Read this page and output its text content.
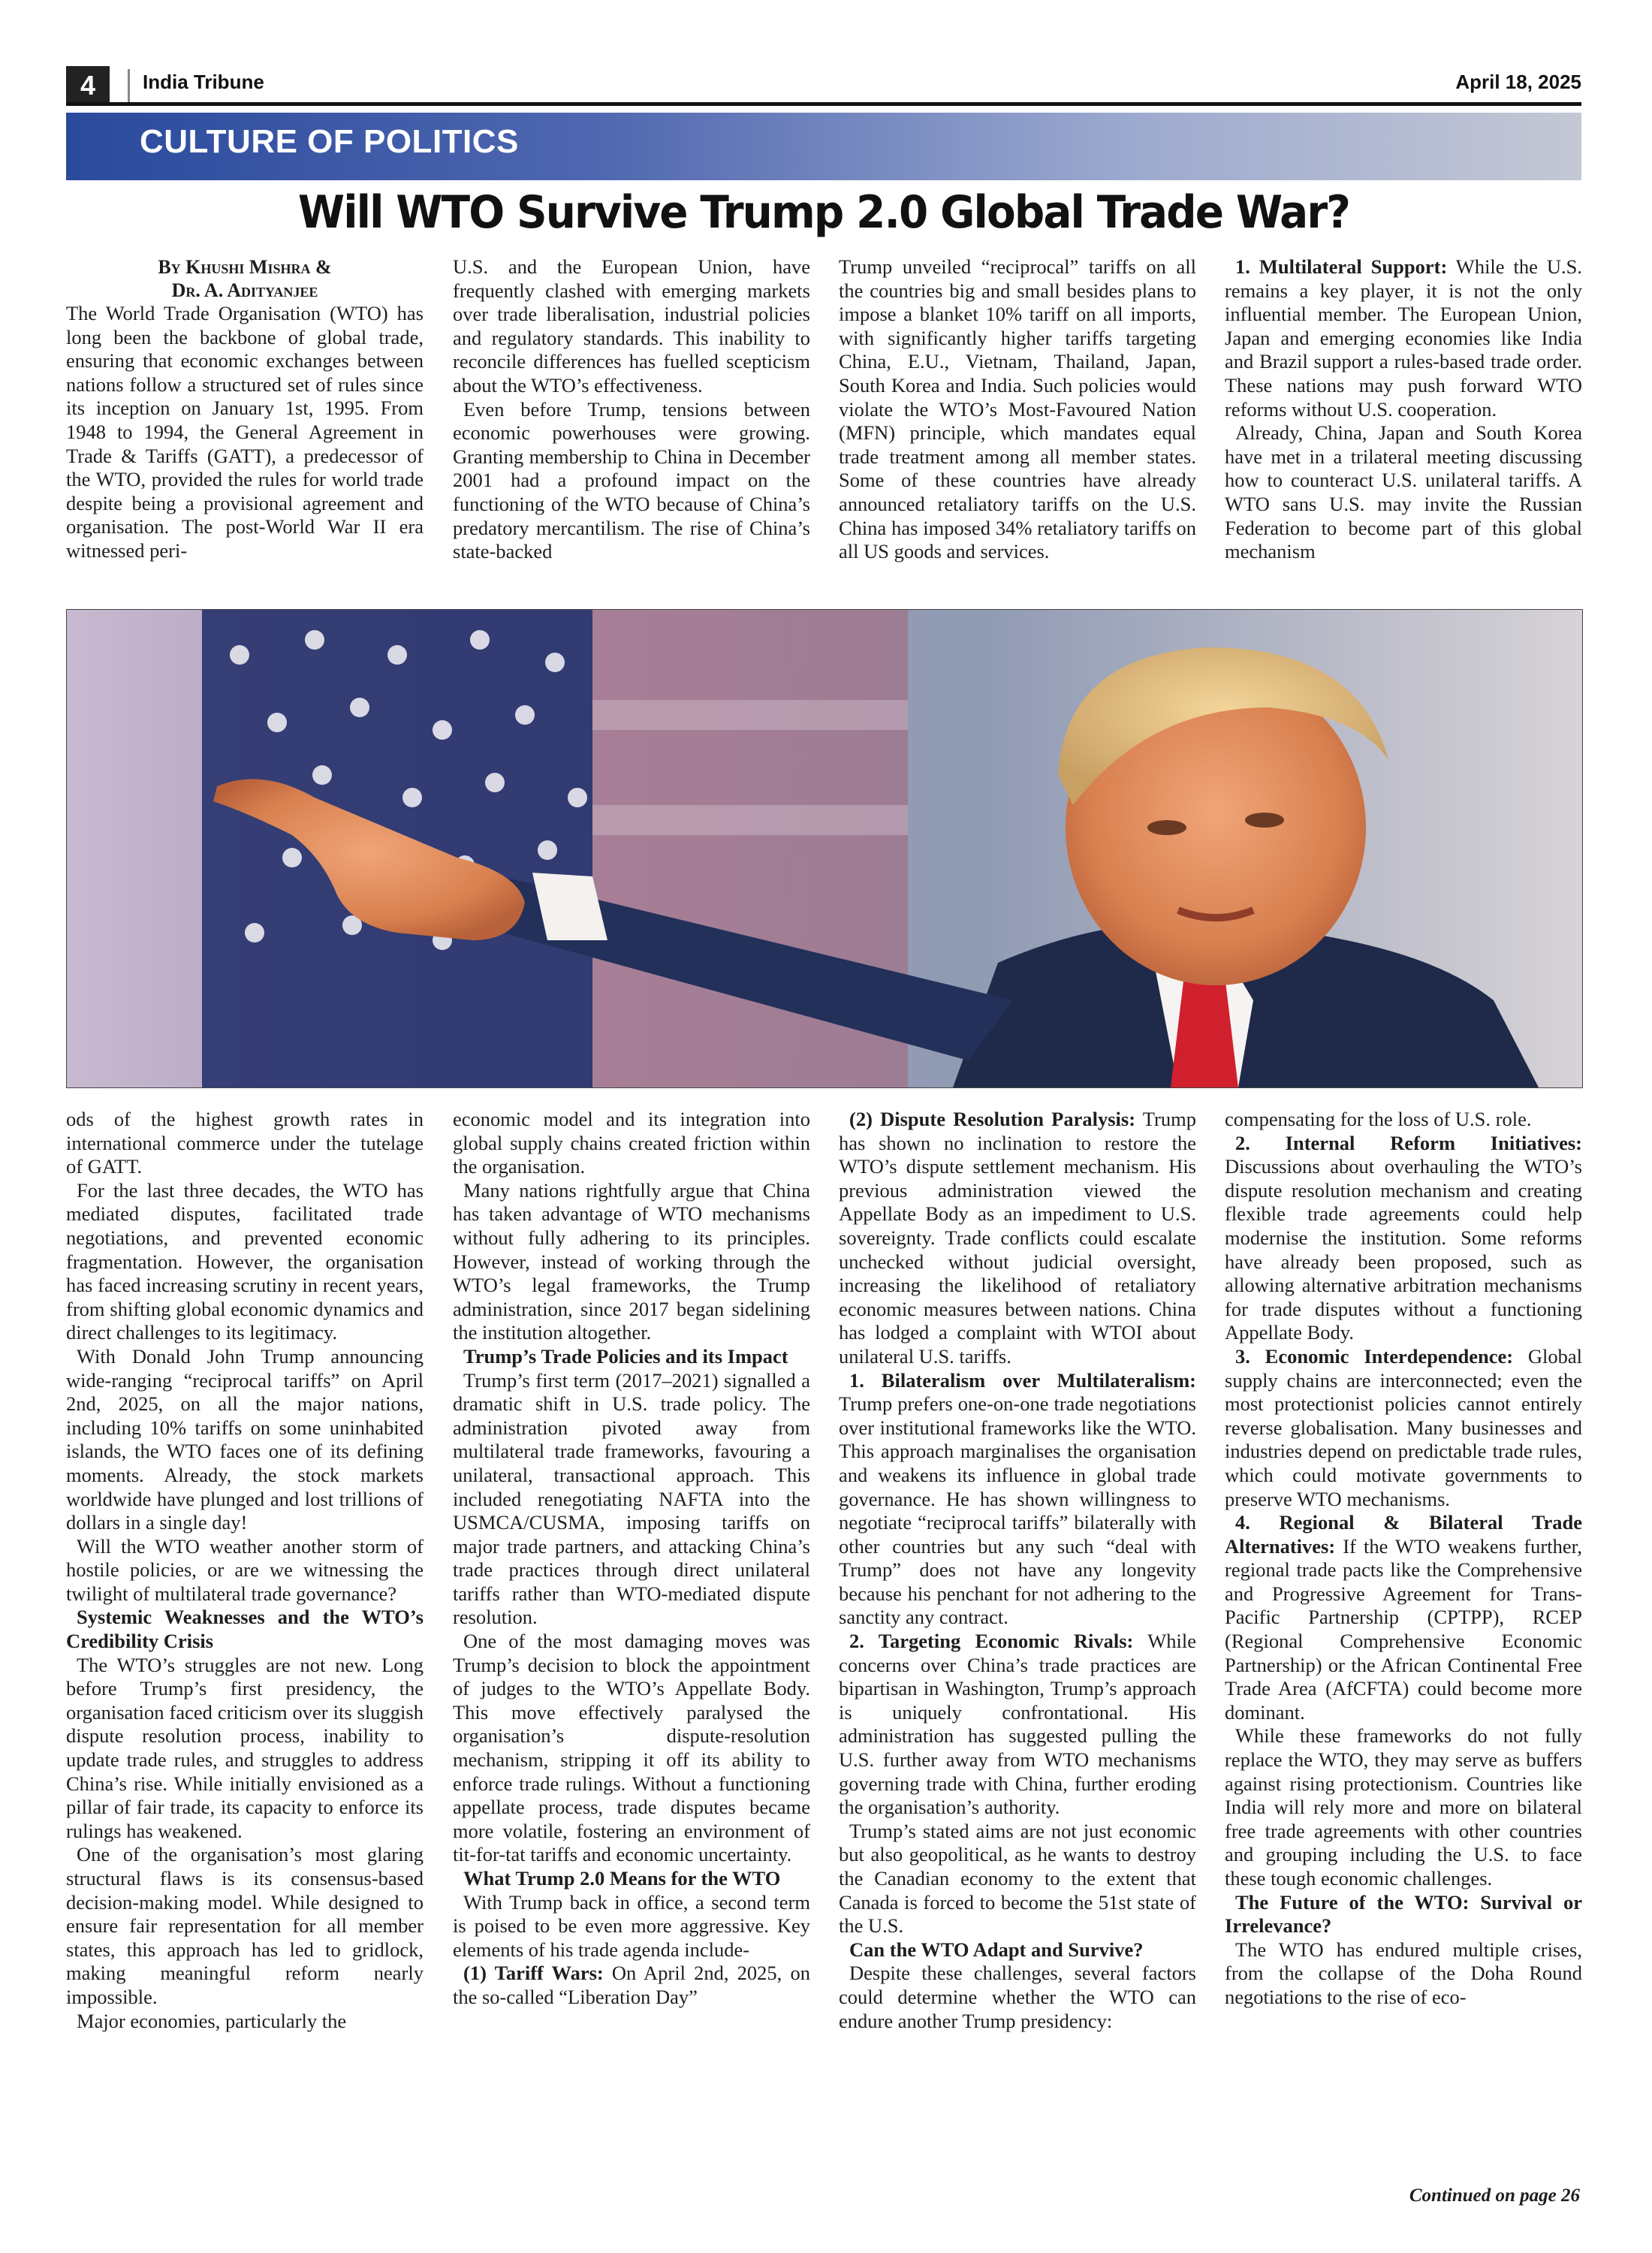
4	India Tribune	April 18, 2025
CULTURE OF POLITICS
Will WTO Survive Trump 2.0 Global Trade War?
By Khushi Mishra &
Dr. A. Adityanjee

The World Trade Organisation (WTO) has long been the backbone of global trade, ensuring that economic exchanges between nations follow a structured set of rules since its inception on January 1st, 1995. From 1948 to 1994, the General Agreement in Trade & Tariffs (GATT), a predecessor of the WTO, provided the rules for world trade despite being a provisional agreement and organisation. The post-World War II era witnessed peri-

U.S. and the European Union, have frequently clashed with emerging markets over trade liberalisation, industrial policies and regulatory standards. This inability to reconcile differences has fuelled scepticism about the WTO’s effectiveness.

Even before Trump, tensions between economic powerhouses were growing. Granting membership to China in December 2001 had a profound impact on the functioning of the WTO because of China’s predatory mercantilism. The rise of China’s state-backed

Trump unveiled “reciprocal” tariffs on all the countries big and small besides plans to impose a blanket 10% tariff on all imports, with significantly higher tariffs targeting China, E.U., Vietnam, Thailand, Japan, South Korea and India. Such policies would violate the WTO’s Most-Favoured Nation (MFN) principle, which mandates equal trade treatment among all member states. Some of these countries have already announced retaliatory tariffs on the U.S. China has imposed 34% retaliatory tariffs on all US goods and services.

1. Multilateral Support: While the U.S. remains a key player, it is not the only influential member. The European Union, Japan and emerging economies like India and Brazil support a rules-based trade order. These nations may push forward WTO reforms without U.S. cooperation.

Already, China, Japan and South Korea have met in a trilateral meeting discussing how to counteract U.S. unilateral tariffs. A WTO sans U.S. may invite the Russian Federation to become part of this global mechanism

ods of the highest growth rates in international commerce under the tutelage of GATT.

For the last three decades, the WTO has mediated disputes, facilitated trade negotiations, and prevented economic fragmentation. However, the organisation has faced increasing scrutiny in recent years, from shifting global economic dynamics and direct challenges to its legitimacy.

With Donald John Trump announcing wide-ranging “reciprocal tariffs” on April 2nd, 2025, on all the major nations, including 10% tariffs on some uninhabited islands, the WTO faces one of its defining moments. Already, the stock markets worldwide have plunged and lost trillions of dollars in a single day!

Will the WTO weather another storm of hostile policies, or are we witnessing the twilight of multilateral trade governance?

Systemic Weaknesses and the WTO’s Credibility Crisis

The WTO’s struggles are not new. Long before Trump’s first presidency, the organisation faced criticism over its sluggish dispute resolution process, inability to update trade rules, and struggles to address China’s rise. While initially envisioned as a pillar of fair trade, its capacity to enforce its rulings has weakened.

One of the organisation’s most glaring structural flaws is its consensus-based decision-making model. While designed to ensure fair representation for all member states, this approach has led to gridlock, making meaningful reform nearly impossible.

Major economies, particularly the

economic model and its integration into global supply chains created friction within the organisation.

Many nations rightfully argue that China has taken advantage of WTO mechanisms without fully adhering to its principles. However, instead of working through the WTO’s legal frameworks, the Trump administration, since 2017 began sidelining the institution altogether.

Trump’s Trade Policies and its Impact

Trump’s first term (2017–2021) signalled a dramatic shift in U.S. trade policy. The administration pivoted away from multilateral trade frameworks, favouring a unilateral, transactional approach. This included renegotiating NAFTA into the USMCA/CUSMA, imposing tariffs on major trade partners, and attacking China’s trade practices through direct unilateral tariffs rather than WTO-mediated dispute resolution.

One of the most damaging moves was Trump’s decision to block the appointment of judges to the WTO’s Appellate Body. This move effectively paralysed the organisation’s dispute-resolution mechanism, stripping it off its ability to enforce trade rulings. Without a functioning appellate process, trade disputes became more volatile, fostering an environment of tit-for-tat tariffs and economic uncertainty.

What Trump 2.0 Means for the WTO

With Trump back in office, a second term is poised to be even more aggressive. Key elements of his trade agenda include-

(1) Tariff Wars: On April 2nd, 2025, on the so-called “Liberation Day”

(2) Dispute Resolution Paralysis: Trump has shown no inclination to restore the WTO’s dispute settlement mechanism. His previous administration viewed the Appellate Body as an impediment to U.S. sovereignty. Trade conflicts could escalate unchecked without judicial oversight, increasing the likelihood of retaliatory economic measures between nations. China has lodged a complaint with WTOI about unilateral U.S. tariffs.

1. Bilateralism over Multilateralism: Trump prefers one-on-one trade negotiations over institutional frameworks like the WTO. This approach marginalises the organisation and weakens its influence in global trade governance. He has shown willingness to negotiate “reciprocal tariffs” bilaterally with other countries but any such “deal with Trump” does not have any longevity because his penchant for not adhering to the sanctity any contract.

2. Targeting Economic Rivals: While concerns over China’s trade practices are bipartisan in Washington, Trump’s approach is uniquely confrontational. His administration has suggested pulling the U.S. further away from WTO mechanisms governing trade with China, further eroding the organisation’s authority.

Trump’s stated aims are not just economic but also geopolitical, as he wants to destroy the Canadian economy to the extent that Canada is forced to become the 51st state of the U.S.

Can the WTO Adapt and Survive?

Despite these challenges, several factors could determine whether the WTO can endure another Trump presidency:

compensating for the loss of U.S. role.

2. Internal Reform Initiatives: Discussions about overhauling the WTO’s dispute resolution mechanism and creating flexible trade agreements could help modernise the institution. Some reforms have already been proposed, such as allowing alternative arbitration mechanisms for trade disputes without a functioning Appellate Body.

3. Economic Interdependence: Global supply chains are interconnected; even the most protectionist policies cannot entirely reverse globalisation. Many businesses and industries depend on predictable trade rules, which could motivate governments to preserve WTO mechanisms.

4. Regional & Bilateral Trade Alternatives: If the WTO weakens further, regional trade pacts like the Comprehensive and Progressive Agreement for Trans-Pacific Partnership (CPTPP), RCEP (Regional Comprehensive Economic Partnership) or the African Continental Free Trade Area (AfCFTA) could become more dominant.

While these frameworks do not fully replace the WTO, they may serve as buffers against rising protectionism. Countries like India will rely more and more on bilateral free trade agreements with other countries and grouping including the U.S. to face these tough economic challenges.

The Future of the WTO: Survival or Irrelevance?

The WTO has endured multiple crises, from the collapse of the Doha Round negotiations to the rise of eco-

Continued on page 26
